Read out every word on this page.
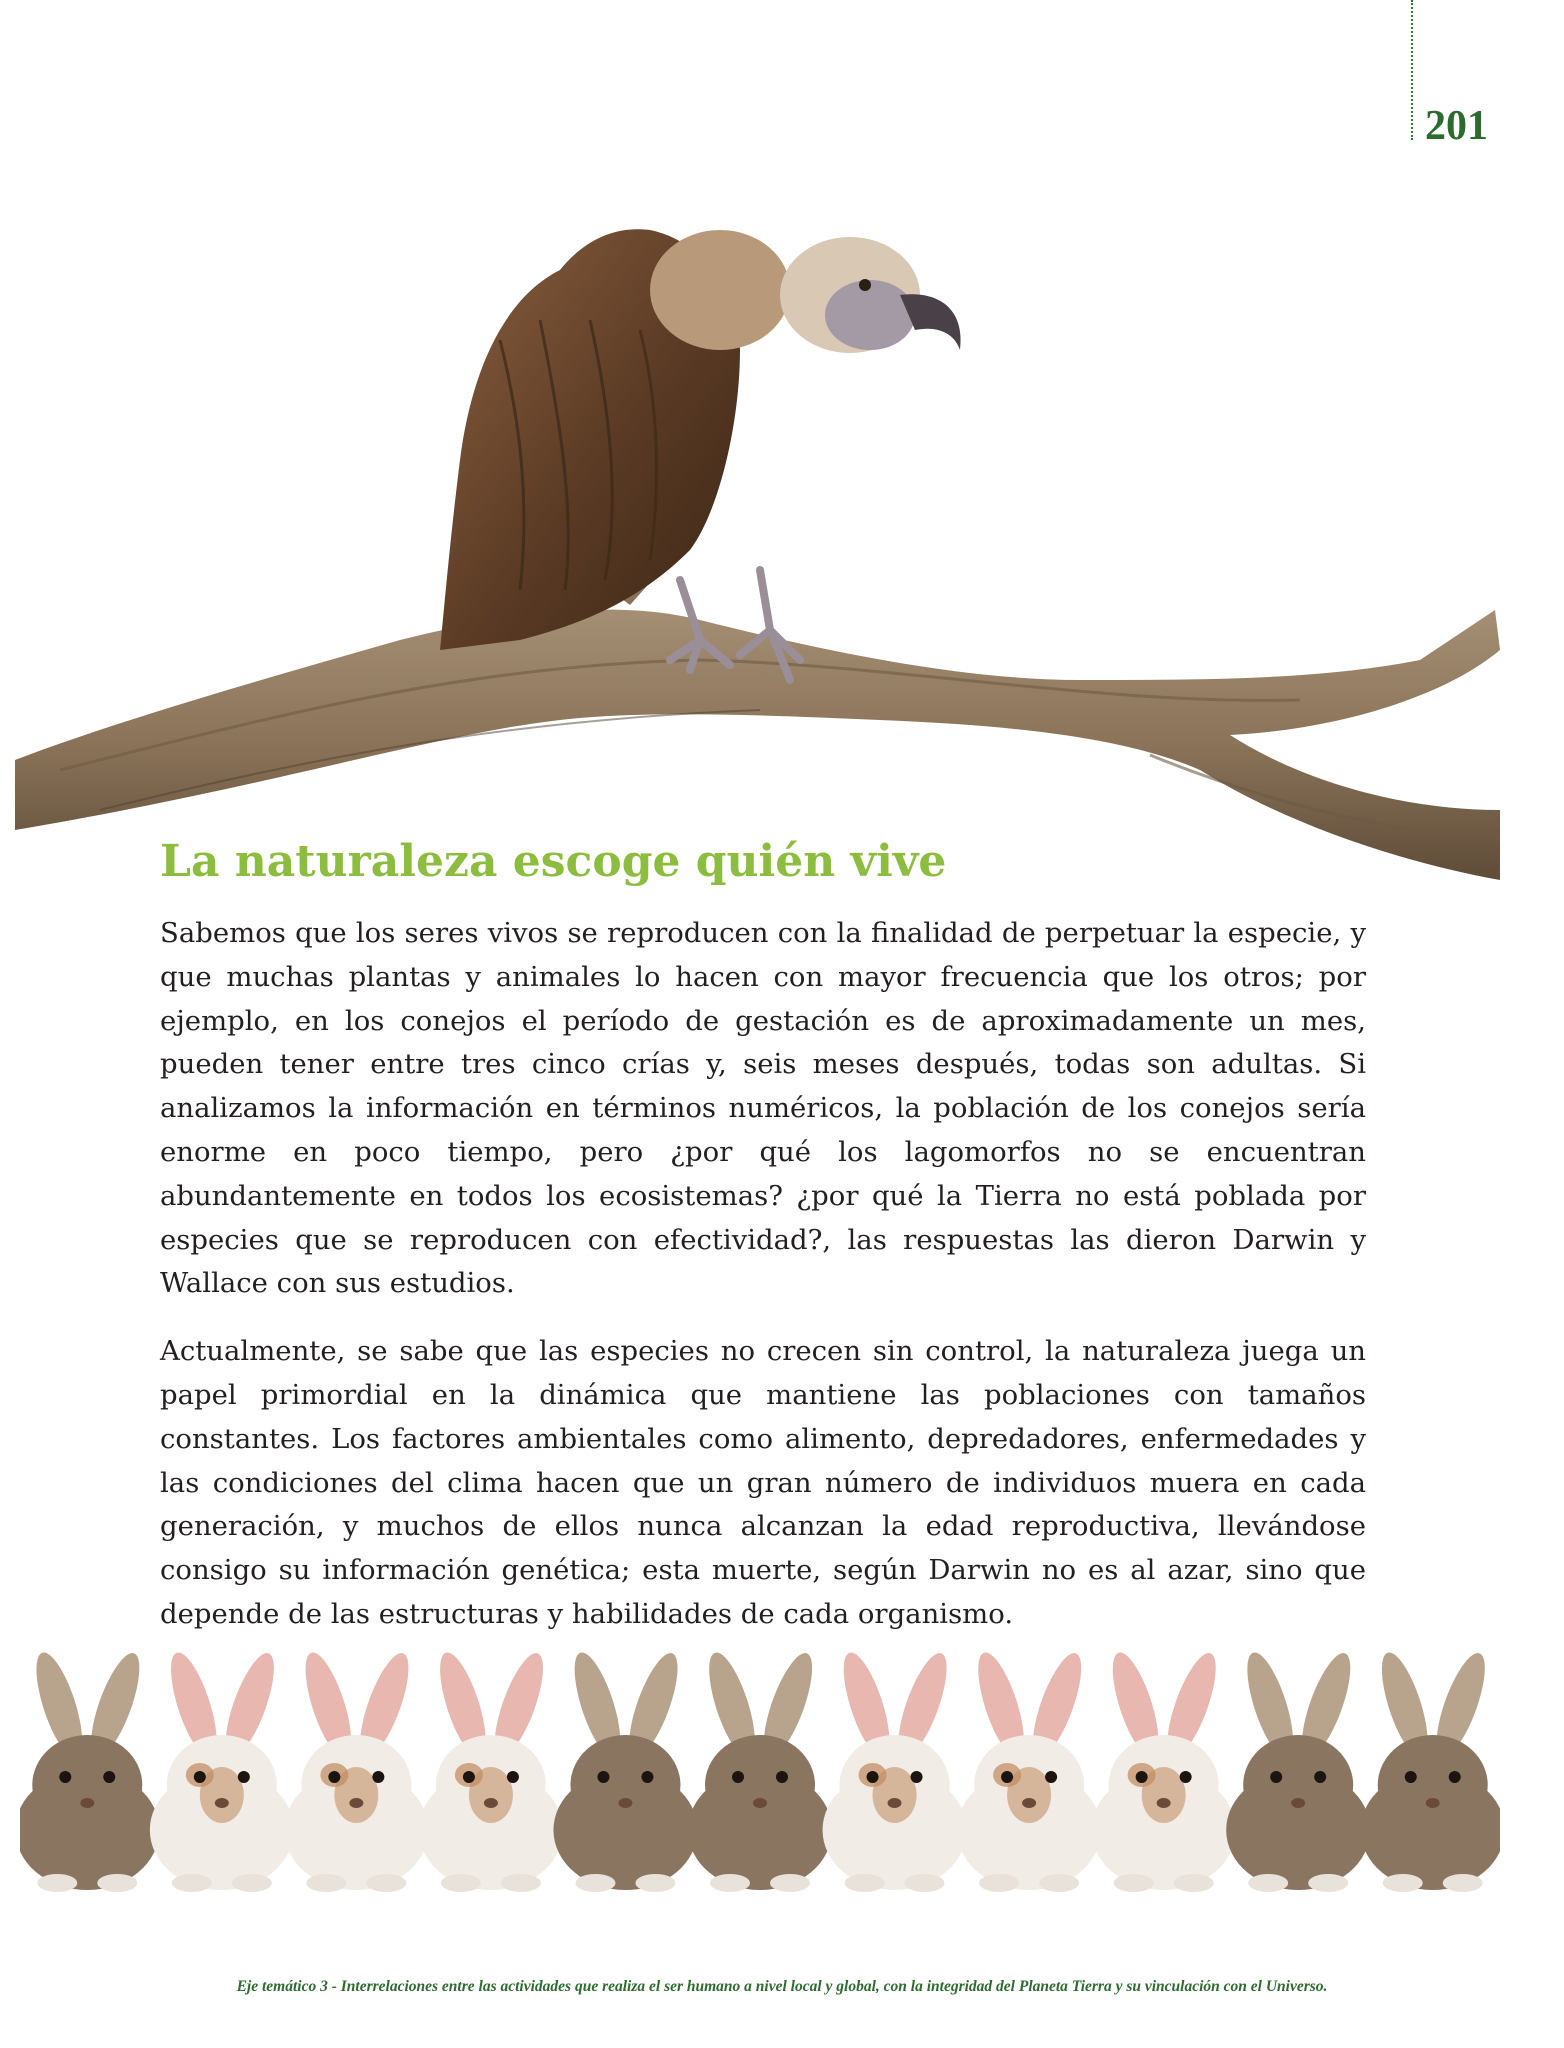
201
La naturaleza escoge quién vive

Sabemos que los seres vivos se reproducen con la finalidad de perpetuar la especie, y que muchas plantas y animales lo hacen con mayor frecuencia que los otros; por ejemplo, en los conejos el período de gestación es de aproximadamente un mes, pueden tener entre tres cinco crías y, seis meses después, todas son adultas. Si analizamos la información en términos numéricos, la población de los conejos sería enorme en poco tiempo, pero ¿por qué los lagomorfos no se encuentran abundantemente en todos los ecosistemas? ¿por qué la Tierra no está poblada por especies que se reproducen con efectividad?, las respuestas las dieron Darwin y Wallace con sus estudios.

Actualmente, se sabe que las especies no crecen sin control, la naturaleza juega un papel primordial en la dinámica que mantiene las poblaciones con tamaños constantes. Los factores ambientales como alimento, depredadores, enfermedades y las condiciones del clima hacen que un gran número de individuos muera en cada generación, y muchos de ellos nunca alcanzan la edad reproductiva, llevándose consigo su información genética; esta muerte, según Darwin no es al azar, sino que depende de las estructuras y habilidades de cada organismo.

Eje temático 3 - Interrelaciones entre las actividades que realiza el ser humano a nivel local y global, con la integridad del Planeta Tierra y su vinculación con el Universo.
